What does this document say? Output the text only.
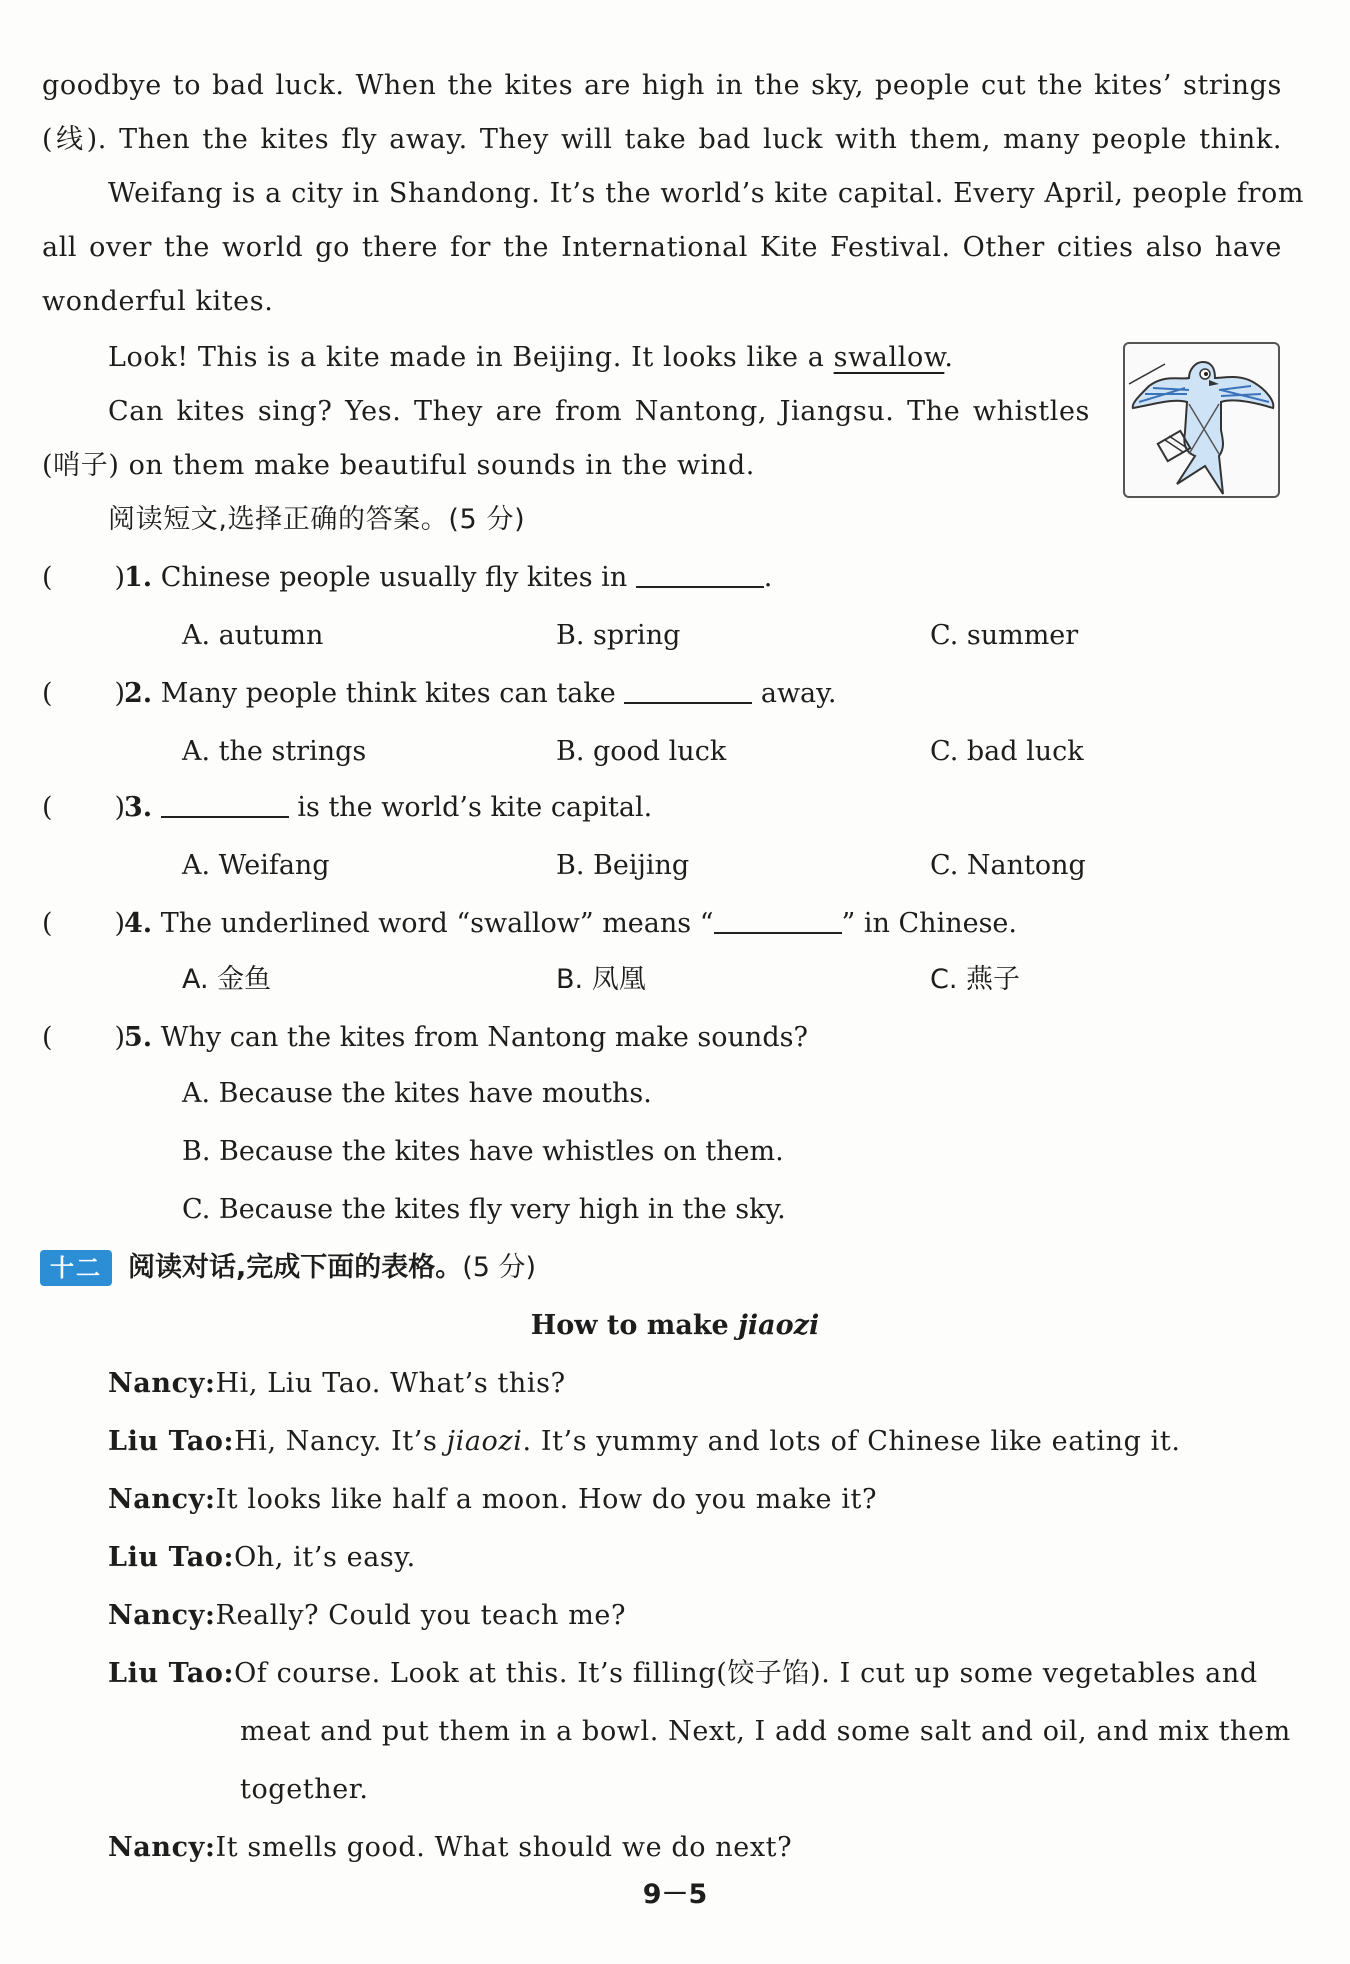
goodbye to bad luck. When the kites are high in the sky, people cut the kites’ strings
(线). Then the kites fly away. They will take bad luck with them, many people think.
Weifang is a city in Shandong. It’s the world’s kite capital. Every April, people from
all over the world go there for the International Kite Festival. Other cities also have
wonderful kites.
Look! This is a kite made in Beijing. It looks like a swallow.
Can kites sing? Yes. They are from Nantong, Jiangsu. The whistles
(哨子) on them make beautiful sounds in the wind.
阅读短文,选择正确的答案。(5 分)
( )1. Chinese people usually fly kites in	.
A. autumn	B. spring	C. summer
( )2. Many people think kites can take	away.
A. the strings	B. good luck	C. bad luck
( )3.	is the world’s kite capital.
A. Weifang	B. Beijing	C. Nantong
( )4. The underlined word “swallow” means “	” in Chinese.
A. 金鱼	B. 凤凰	C. 燕子
( )5. Why can the kites from Nantong make sounds?
A. Because the kites have mouths.
B. Because the kites have whistles on them.
C. Because the kites fly very high in the sky.
十二 阅读对话,完成下面的表格。(5 分)
How to make jiaozi
Nancy:Hi, Liu Tao. What’s this?
Liu Tao:Hi, Nancy. It’s jiaozi. It’s yummy and lots of Chinese like eating it.
Nancy:It looks like half a moon. How do you make it?
Liu Tao:Oh, it’s easy.
Nancy:Really? Could you teach me?
Liu Tao:Of course. Look at this. It’s filling(饺子馅). I cut up some vegetables and
meat and put them in a bowl. Next, I add some salt and oil, and mix them
together.
Nancy:It smells good. What should we do next?
9－5
